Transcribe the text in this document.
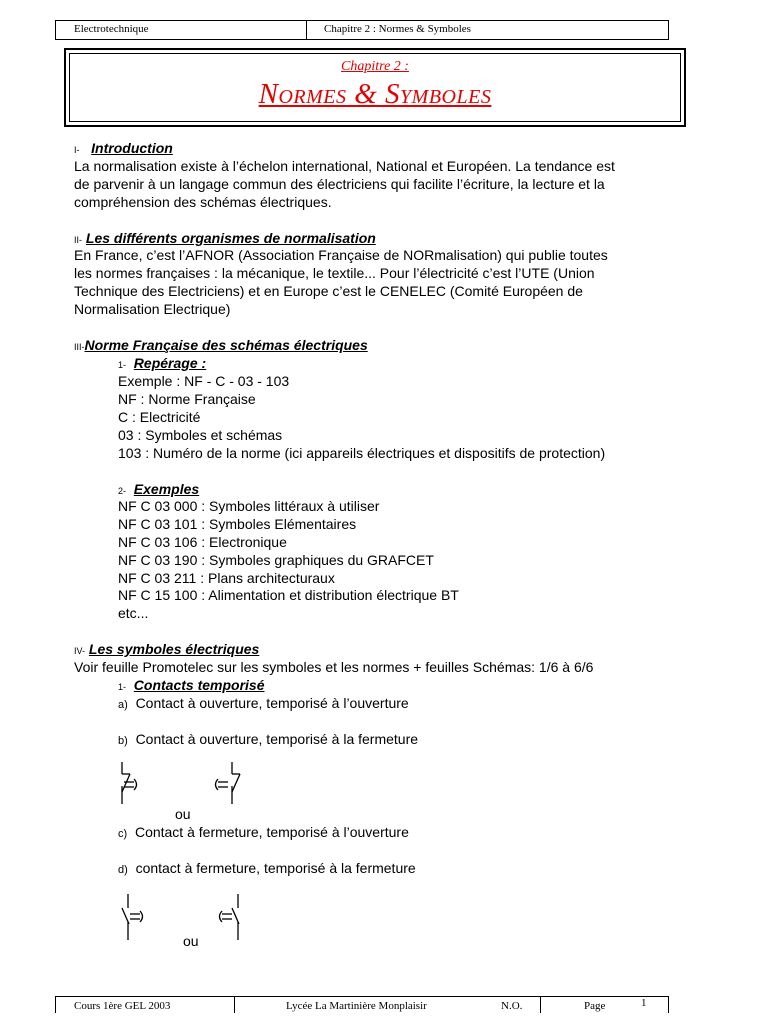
Electrotechnique	Chapitre 2 : Normes & Symboles
Chapitre 2 :
Normes & Symboles
I- Introduction
La normalisation existe à l’échelon international, National et Européen. La tendance est
de parvenir à un langage commun des électriciens qui facilite l’écriture, la lecture et la
compréhension des schémas électriques.
II- Les différents organismes de normalisation
En France, c’est l’AFNOR (Association Française de NORmalisation) qui publie toutes
les normes françaises : la mécanique, le textile... Pour l’électricité c’est l’UTE (Union
Technique des Electriciens) et en Europe c’est le CENELEC (Comité Européen de
Normalisation Electrique)
III-Norme Française des schémas électriques
1- Repérage :
Exemple : NF - C - 03 - 103
NF : Norme Française
C : Electricité
03 : Symboles et schémas
103 : Numéro de la norme (ici appareils électriques et dispositifs de protection)
2- Exemples
NF C 03 000 : Symboles littéraux à utiliser
NF C 03 101 : Symboles Elémentaires
NF C 03 106 : Electronique
NF C 03 190 : Symboles graphiques du GRAFCET
NF C 03 211 : Plans architecturaux
NF C 15 100 : Alimentation et distribution électrique BT
etc...
IV- Les symboles électriques
Voir feuille Promotelec sur les symboles et les normes + feuilles Schémas: 1/6 à 6/6
1- Contacts temporisé
a) Contact à ouverture, temporisé à l’ouverture
b) Contact à ouverture, temporisé à la fermeture
ou
c) Contact à fermeture, temporisé à l’ouverture
d) contact à fermeture, temporisé à la fermeture
ou
Cours 1ère GEL 2003	Lycée La Martinière Monplaisir	N.O.	Page	1
